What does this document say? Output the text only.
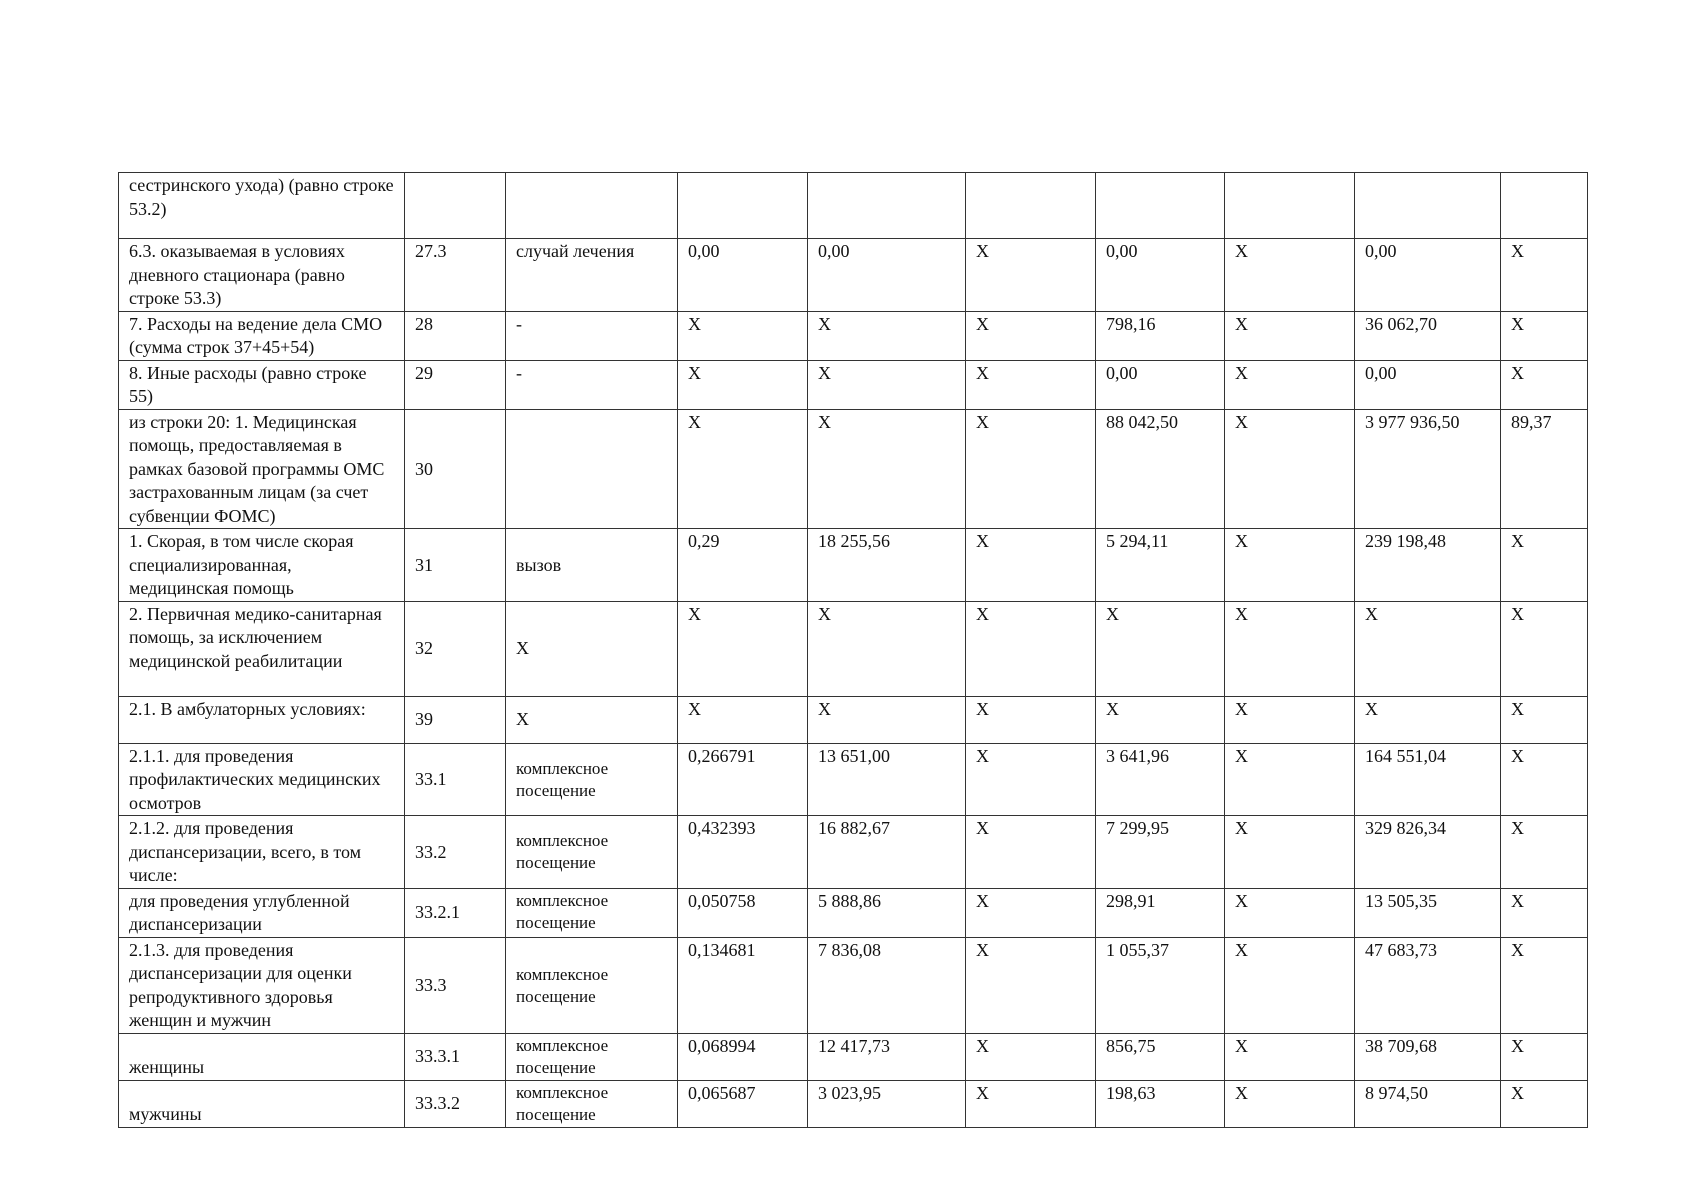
сестринского ухода) (равно строке 53.2)									
6.3. оказываемая в условиях дневного стационара (равно строке 53.3)	27.3	случай лечения	0,00	0,00	X	0,00	X	0,00	X
7. Расходы на ведение дела СМО (сумма строк 37+45+54)	28	-	X	X	X	798,16	X	36 062,70	X
8. Иные расходы (равно строке 55)	29	-	X	X	X	0,00	X	0,00	X
из строки 20: 1. Медицинская помощь, предоставляемая в рамках базовой программы ОМС застрахованным лицам (за счет субвенции ФОМС)	30		X	X	X	88 042,50	X	3 977 936,50	89,37
1. Скорая, в том числе скорая специализированная, медицинская помощь	31	вызов	0,29	18 255,56	X	5 294,11	X	239 198,48	X
2. Первичная медико-санитарная помощь, за исключением медицинской реабилитации	32	X	X	X	X	X	X	X	X
2.1. В амбулаторных условиях:	39	X	X	X	X	X	X	X	X
2.1.1. для проведения профилактических медицинских осмотров	33.1	комплексное посещение	0,266791	13 651,00	X	3 641,96	X	164 551,04	X
2.1.2. для проведения диспансеризации, всего, в том числе:	33.2	комплексное посещение	0,432393	16 882,67	X	7 299,95	X	329 826,34	X
для проведения углубленной диспансеризации	33.2.1	комплексное посещение	0,050758	5 888,86	X	298,91	X	13 505,35	X
2.1.3. для проведения диспансеризации для оценки репродуктивного здоровья женщин и мужчин	33.3	комплексное посещение	0,134681	7 836,08	X	1 055,37	X	47 683,73	X
женщины	33.3.1	комплексное посещение	0,068994	12 417,73	X	856,75	X	38 709,68	X
мужчины	33.3.2	комплексное посещение	0,065687	3 023,95	X	198,63	X	8 974,50	X
